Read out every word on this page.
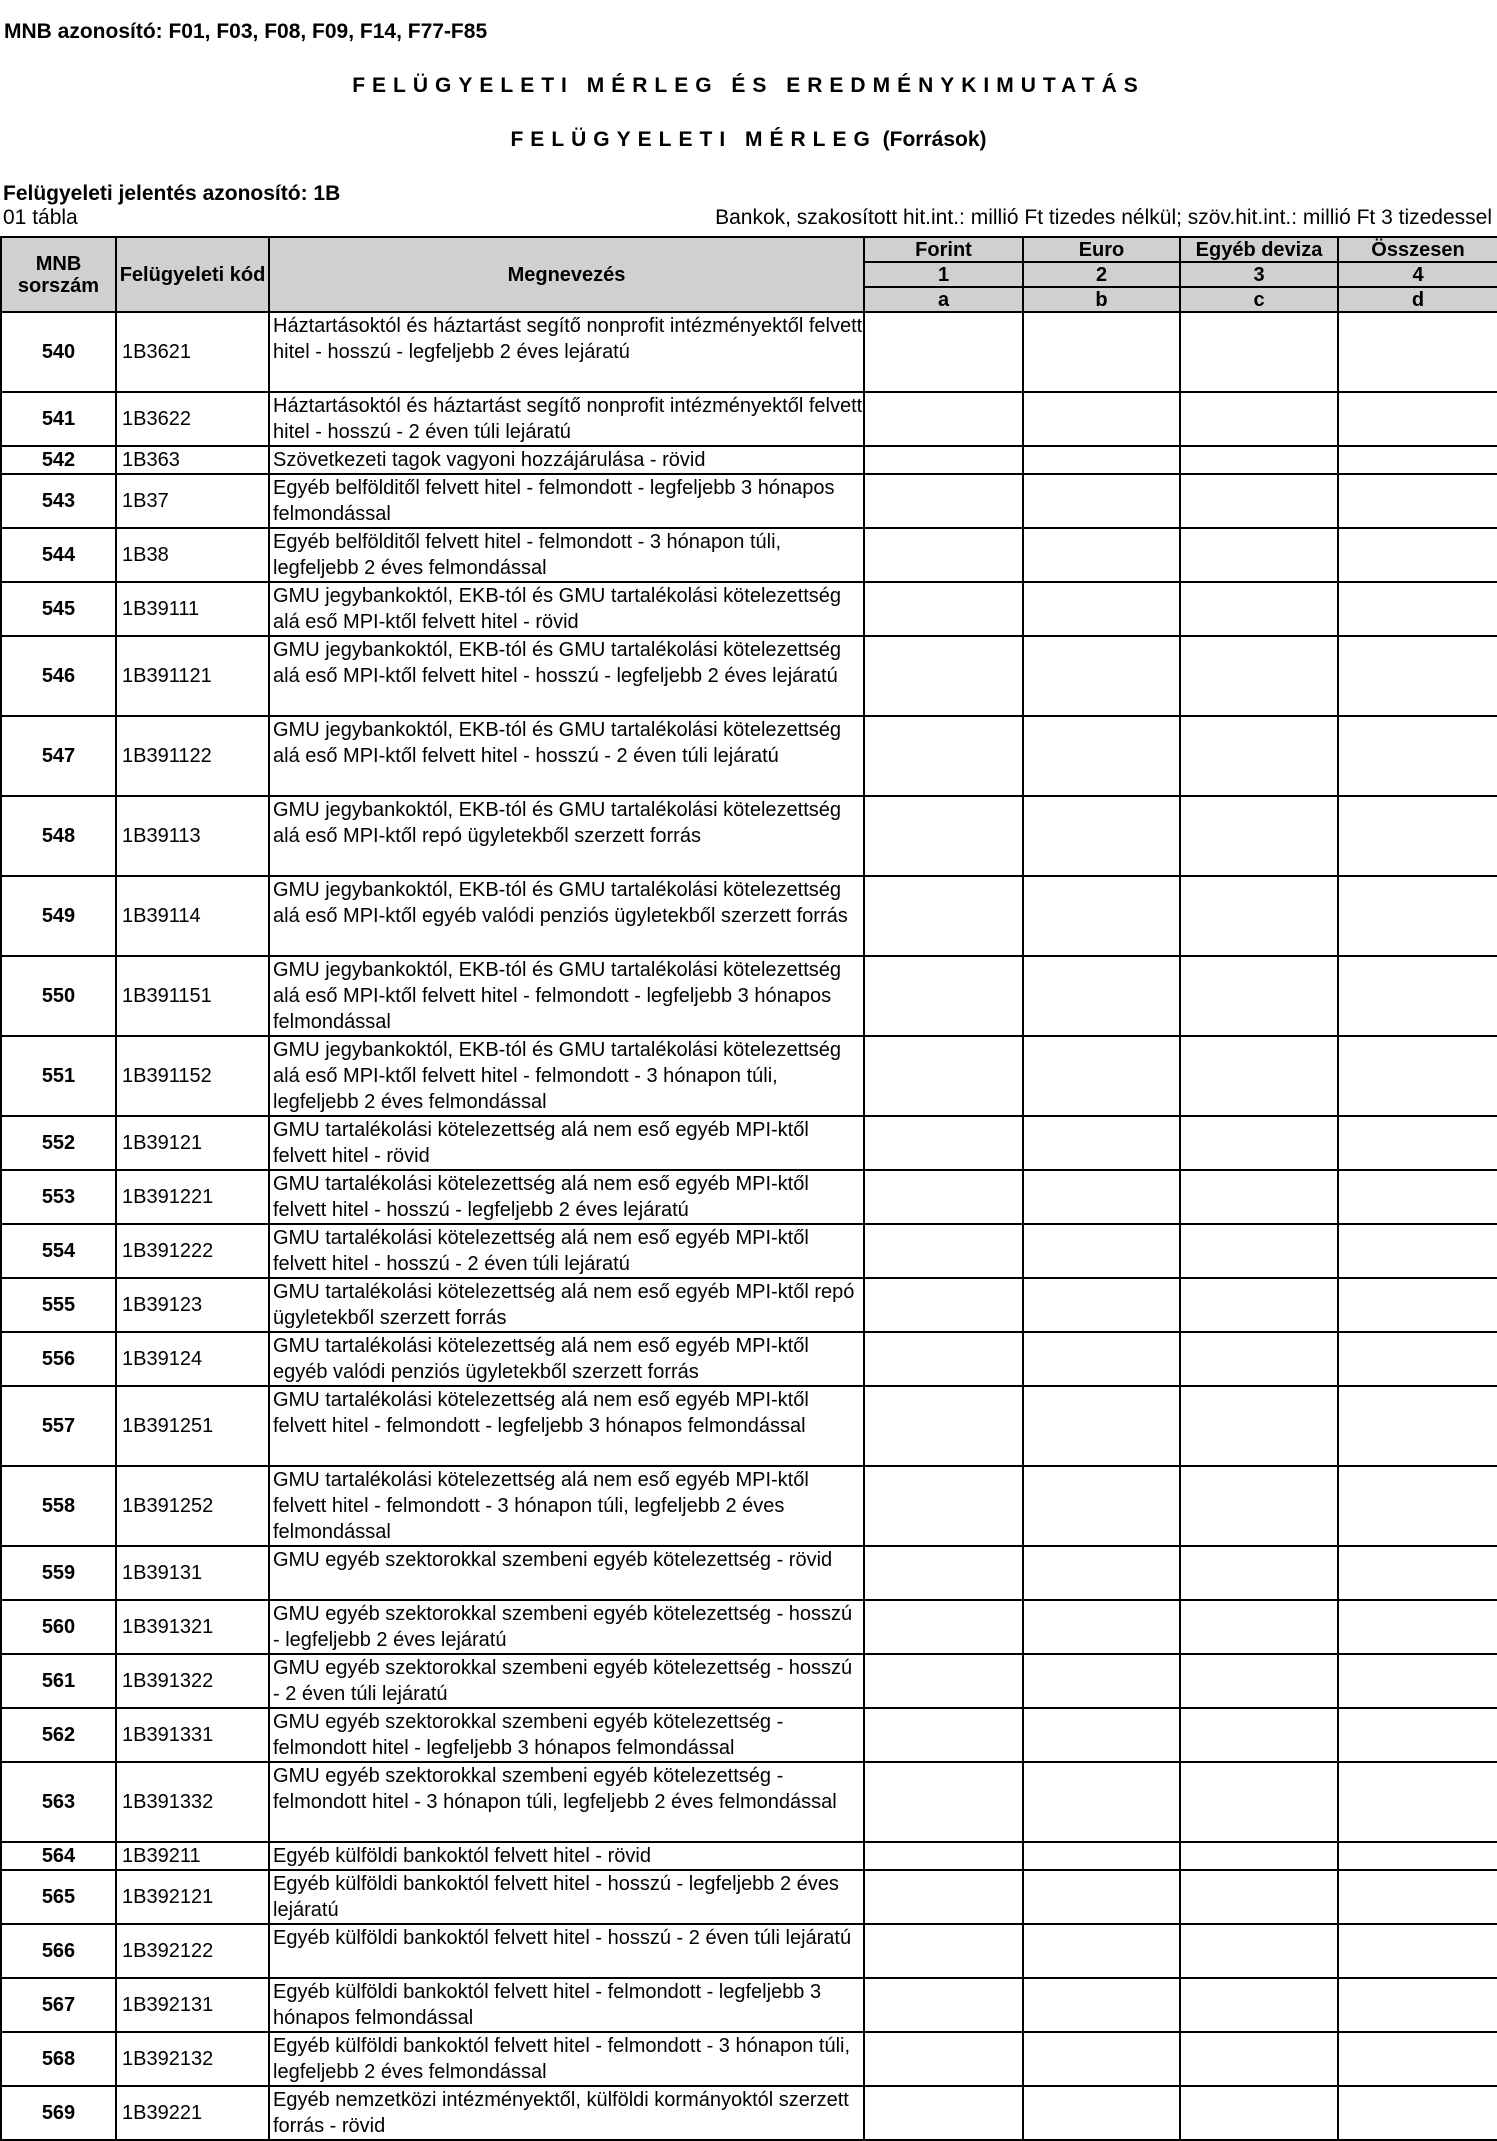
MNB azonosító: F01, F03, F08, F09, F14, F77-F85
FELÜGYELETI MÉRLEG ÉS EREDMÉNYKIMUTATÁS
FELÜGYELETI MÉRLEG (Források)
Felügyeleti jelentés azonosító: 1B
01 tábla	Bankok, szakosított hit.int.: millió Ft tizedes nélkül; szöv.hit.int.: millió Ft 3 tizedessel
MNB sorszám	Felügyeleti kód	Megnevezés	Forint	Euro	Egyéb deviza	Összesen
			1	2	3	4
			a	b	c	d
540	1B3621	Háztartásoktól és háztartást segítő nonprofit intézményektől felvett hitel - hosszú - legfeljebb 2 éves lejáratú				
541	1B3622	Háztartásoktól és háztartást segítő nonprofit intézményektől felvett hitel - hosszú - 2 éven túli lejáratú				
542	1B363	Szövetkezeti tagok vagyoni hozzájárulása - rövid				
543	1B37	Egyéb belfölditől felvett hitel - felmondott - legfeljebb 3 hónapos felmondással				
544	1B38	Egyéb belfölditől felvett hitel - felmondott - 3 hónapon túli, legfeljebb 2 éves felmondással				
545	1B39111	GMU jegybankoktól, EKB-tól és GMU tartalékolási kötelezettség alá eső MPI-ktől felvett hitel - rövid				
546	1B391121	GMU jegybankoktól, EKB-tól és GMU tartalékolási kötelezettség alá eső MPI-ktől felvett hitel - hosszú - legfeljebb 2 éves lejáratú				
547	1B391122	GMU jegybankoktól, EKB-tól és GMU tartalékolási kötelezettség alá eső MPI-ktől felvett hitel - hosszú - 2 éven túli lejáratú				
548	1B39113	GMU jegybankoktól, EKB-tól és GMU tartalékolási kötelezettség alá eső MPI-ktől repó ügyletekből szerzett forrás				
549	1B39114	GMU jegybankoktól, EKB-tól és GMU tartalékolási kötelezettség alá eső MPI-ktől egyéb valódi penziós ügyletekből szerzett forrás				
550	1B391151	GMU jegybankoktól, EKB-tól és GMU tartalékolási kötelezettség alá eső MPI-ktől felvett hitel - felmondott - legfeljebb 3 hónapos felmondással				
551	1B391152	GMU jegybankoktól, EKB-tól és GMU tartalékolási kötelezettség alá eső MPI-ktől felvett hitel - felmondott - 3 hónapon túli, legfeljebb 2 éves felmondással				
552	1B39121	GMU tartalékolási kötelezettség alá nem eső egyéb MPI-ktől felvett hitel - rövid				
553	1B391221	GMU tartalékolási kötelezettség alá nem eső egyéb MPI-ktől felvett hitel - hosszú - legfeljebb 2 éves lejáratú				
554	1B391222	GMU tartalékolási kötelezettség alá nem eső egyéb MPI-ktől felvett hitel - hosszú - 2 éven túli lejáratú				
555	1B39123	GMU tartalékolási kötelezettség alá nem eső egyéb MPI-ktől repó ügyletekből szerzett forrás				
556	1B39124	GMU tartalékolási kötelezettség alá nem eső egyéb MPI-ktől egyéb valódi penziós ügyletekből szerzett forrás				
557	1B391251	GMU tartalékolási kötelezettség alá nem eső egyéb MPI-ktől felvett hitel - felmondott - legfeljebb 3 hónapos felmondással				
558	1B391252	GMU tartalékolási kötelezettség alá nem eső egyéb MPI-ktől felvett hitel - felmondott - 3 hónapon túli, legfeljebb 2 éves felmondással				
559	1B39131	GMU egyéb szektorokkal szembeni egyéb kötelezettség - rövid				
560	1B391321	GMU egyéb szektorokkal szembeni egyéb kötelezettség - hosszú - legfeljebb 2 éves lejáratú				
561	1B391322	GMU egyéb szektorokkal szembeni egyéb kötelezettség - hosszú - 2 éven túli lejáratú				
562	1B391331	GMU egyéb szektorokkal szembeni egyéb kötelezettség - felmondott hitel - legfeljebb 3 hónapos felmondással				
563	1B391332	GMU egyéb szektorokkal szembeni egyéb kötelezettség - felmondott hitel - 3 hónapon túli, legfeljebb 2 éves felmondással				
564	1B39211	Egyéb külföldi bankoktól felvett hitel - rövid				
565	1B392121	Egyéb külföldi bankoktól felvett hitel - hosszú - legfeljebb 2 éves lejáratú				
566	1B392122	Egyéb külföldi bankoktól felvett hitel - hosszú - 2 éven túli lejáratú				
567	1B392131	Egyéb külföldi bankoktól felvett hitel - felmondott - legfeljebb 3 hónapos felmondással				
568	1B392132	Egyéb külföldi bankoktól felvett hitel - felmondott - 3 hónapon túli, legfeljebb 2 éves felmondással				
569	1B39221	Egyéb nemzetközi intézményektől, külföldi kormányoktól szerzett forrás - rövid				
